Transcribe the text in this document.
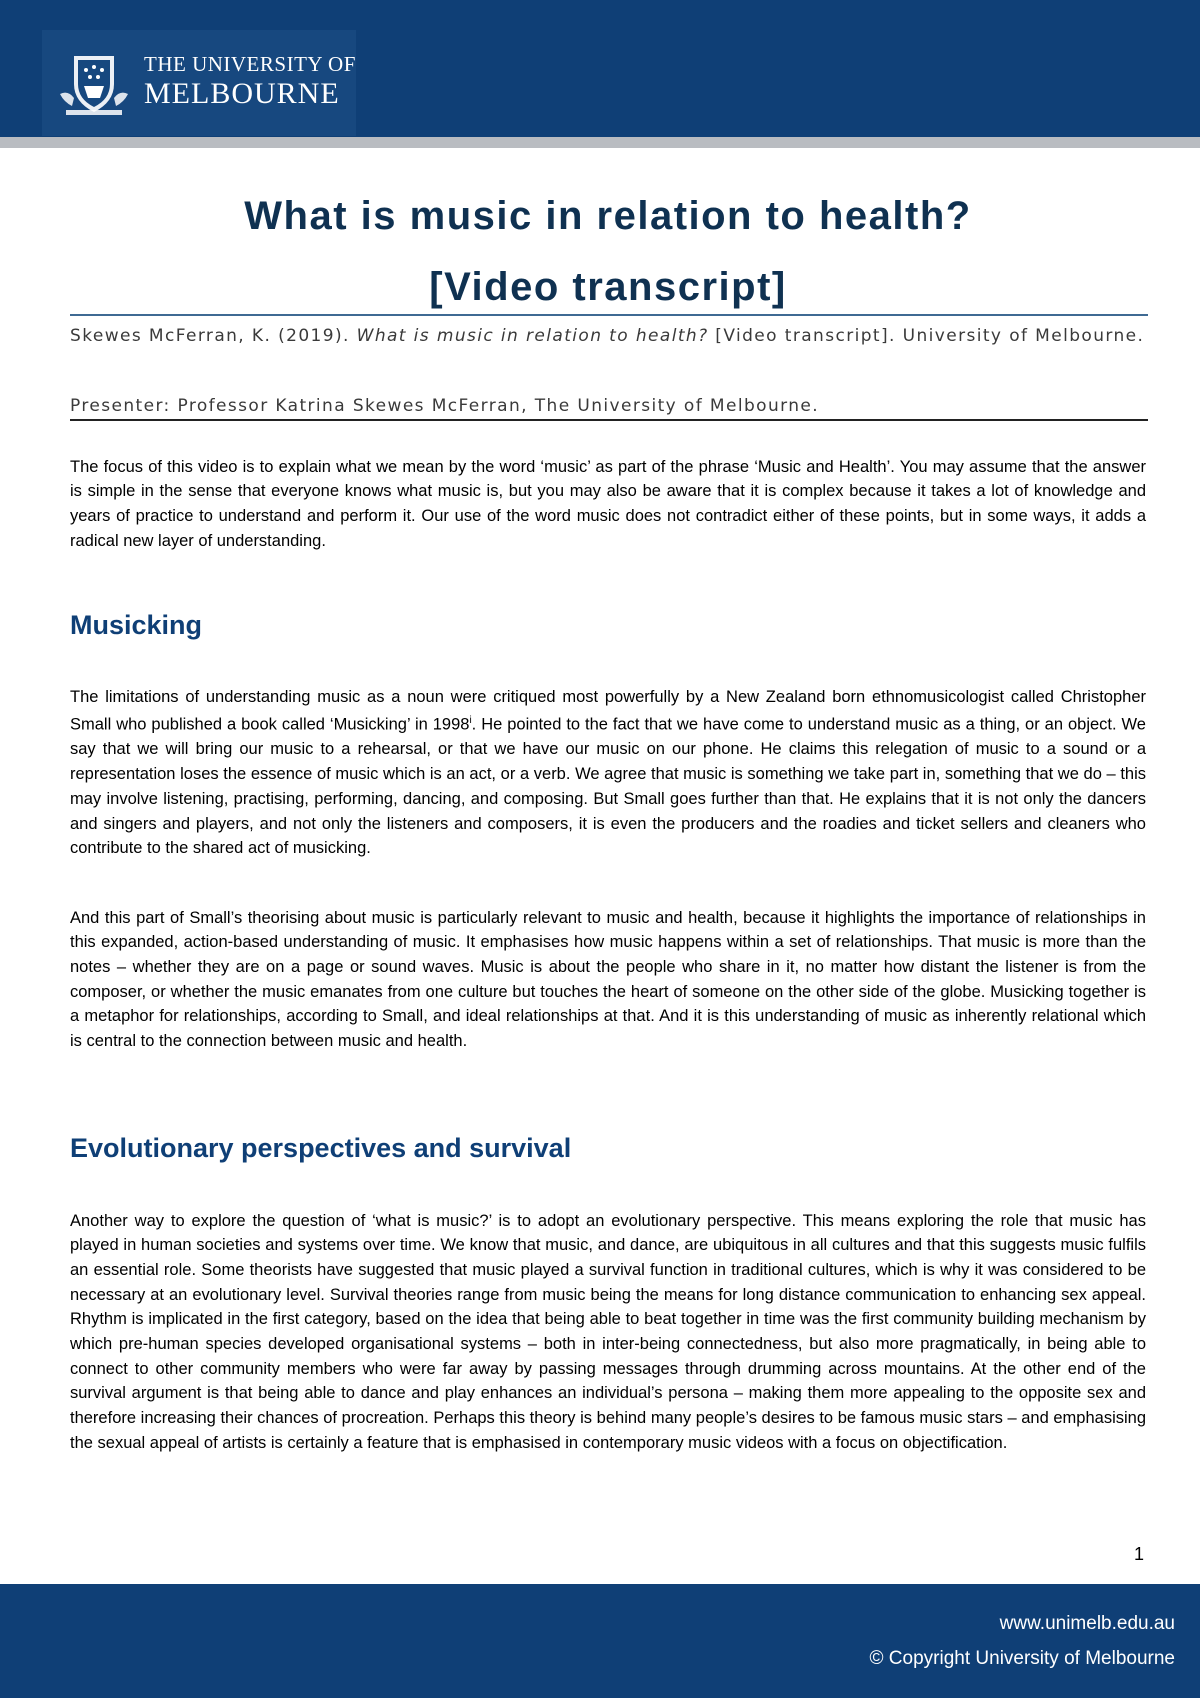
THE UNIVERSITY OF
MELBOURNE
What is music in relation to health?
[Video transcript]
Skewes McFerran, K. (2019). What is music in relation to health? [Video transcript]. University of Melbourne.
Presenter: Professor Katrina Skewes McFerran, The University of Melbourne.

The focus of this video is to explain what we mean by the word ‘music’ as part of the phrase ‘Music and Health’. You may assume that the answer is simple in the sense that everyone knows what music is, but you may also be aware that it is complex because it takes a lot of knowledge and years of practice to understand and perform it. Our use of the word music does not contradict either of these points, but in some ways, it adds a radical new layer of understanding.

Musicking

The limitations of understanding music as a noun were critiqued most powerfully by a New Zealand born ethnomusicologist called Christopher Small who published a book called ‘Musicking’ in 1998$^i$. He pointed to the fact that we have come to understand music as a thing, or an object. We say that we will bring our music to a rehearsal, or that we have our music on our phone. He claims this relegation of music to a sound or a representation loses the essence of music which is an act, or a verb. We agree that music is something we take part in, something that we do – this may involve listening, practising, performing, dancing, and composing. But Small goes further than that. He explains that it is not only the dancers and singers and players, and not only the listeners and composers, it is even the producers and the roadies and ticket sellers and cleaners who contribute to the shared act of musicking.

And this part of Small’s theorising about music is particularly relevant to music and health, because it highlights the importance of relationships in this expanded, action-based understanding of music. It emphasises how music happens within a set of relationships. That music is more than the notes – whether they are on a page or sound waves. Music is about the people who share in it, no matter how distant the listener is from the composer, or whether the music emanates from one culture but touches the heart of someone on the other side of the globe. Musicking together is a metaphor for relationships, according to Small, and ideal relationships at that. And it is this understanding of music as inherently relational which is central to the connection between music and health.

Evolutionary perspectives and survival

Another way to explore the question of ‘what is music?’ is to adopt an evolutionary perspective. This means exploring the role that music has played in human societies and systems over time. We know that music, and dance, are ubiquitous in all cultures and that this suggests music fulfils an essential role. Some theorists have suggested that music played a survival function in traditional cultures, which is why it was considered to be necessary at an evolutionary level. Survival theories range from music being the means for long distance communication to enhancing sex appeal. Rhythm is implicated in the first category, based on the idea that being able to beat together in time was the first community building mechanism by which pre-human species developed organisational systems – both in inter-being connectedness, but also more pragmatically, in being able to connect to other community members who were far away by passing messages through drumming across mountains. At the other end of the survival argument is that being able to dance and play enhances an individual’s persona – making them more appealing to the opposite sex and therefore increasing their chances of procreation. Perhaps this theory is behind many people’s desires to be famous music stars – and emphasising the sexual appeal of artists is certainly a feature that is emphasised in contemporary music videos with a focus on objectification.

1
www.unimelb.edu.au
© Copyright University of Melbourne
